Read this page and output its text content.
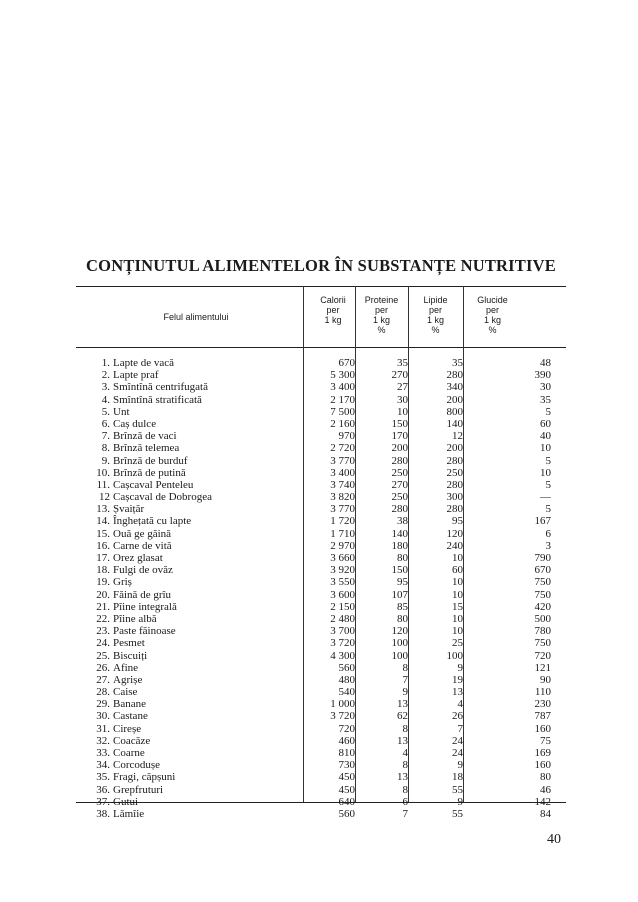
CONȚINUTUL ALIMENTELOR ÎN SUBSTANȚE NUTRITIVE
Felul alimentului
Calorii
per
1 kg
Proteine
per
1 kg
%
Lipide
per
1 kg
%
Glucide
per
1 kg
%
1. Lapte de vacă	670	35	35	48
2. Lapte praf	5 300	270	280	390
3. Smîntînă centrifugată	3 400	27	340	30
4. Smîntînă stratificată	2 170	30	200	35
5. Unt	7 500	10	800	5
6. Caș dulce	2 160	150	140	60
7. Brînză de vaci	970	170	12	40
8. Brînză telemea	2 720	200	200	10
9. Brînză de burduf	3 770	280	280	5
10. Brînză de putină	3 400	250	250	10
11. Cașcaval Penteleu	3 740	270	280	5
12 Cașcaval de Dobrogea	3 820	250	300	—
13. Șvaițăr	3 770	280	280	5
14. Înghețată cu lapte	1 720	38	95	167
15. Ouă ge găină	1 710	140	120	6
16. Carne de vită	2 970	180	240	3
17. Orez glasat	3 660	80	10	790
18. Fulgi de ovăz	3 920	150	60	670
19. Griș	3 550	95	10	750
20. Făină de grîu	3 600	107	10	750
21. Pîine integrală	2 150	85	15	420
22. Pîine albă	2 480	80	10	500
23. Paste făinoase	3 700	120	10	780
24. Pesmet	3 720	100	25	750
25. Biscuiți	4 300	100	100	720
26. Afine	560	8	9	121
27. Agrișe	480	7	19	90
28. Caise	540	9	13	110
29. Banane	1 000	13	4	230
30. Castane	3 720	62	26	787
31. Cireșe	720	8	7	160
32. Coacăze	460	13	24	75
33. Coarne	810	4	24	169
34. Corcodușe	730	8	9	160
35. Fragi, căpșuni	450	13	18	80
36. Grepfruturi	450	8	55	46
37. Gutui	640	6	9	142
38. Lămîie	560	7	55	84
40
